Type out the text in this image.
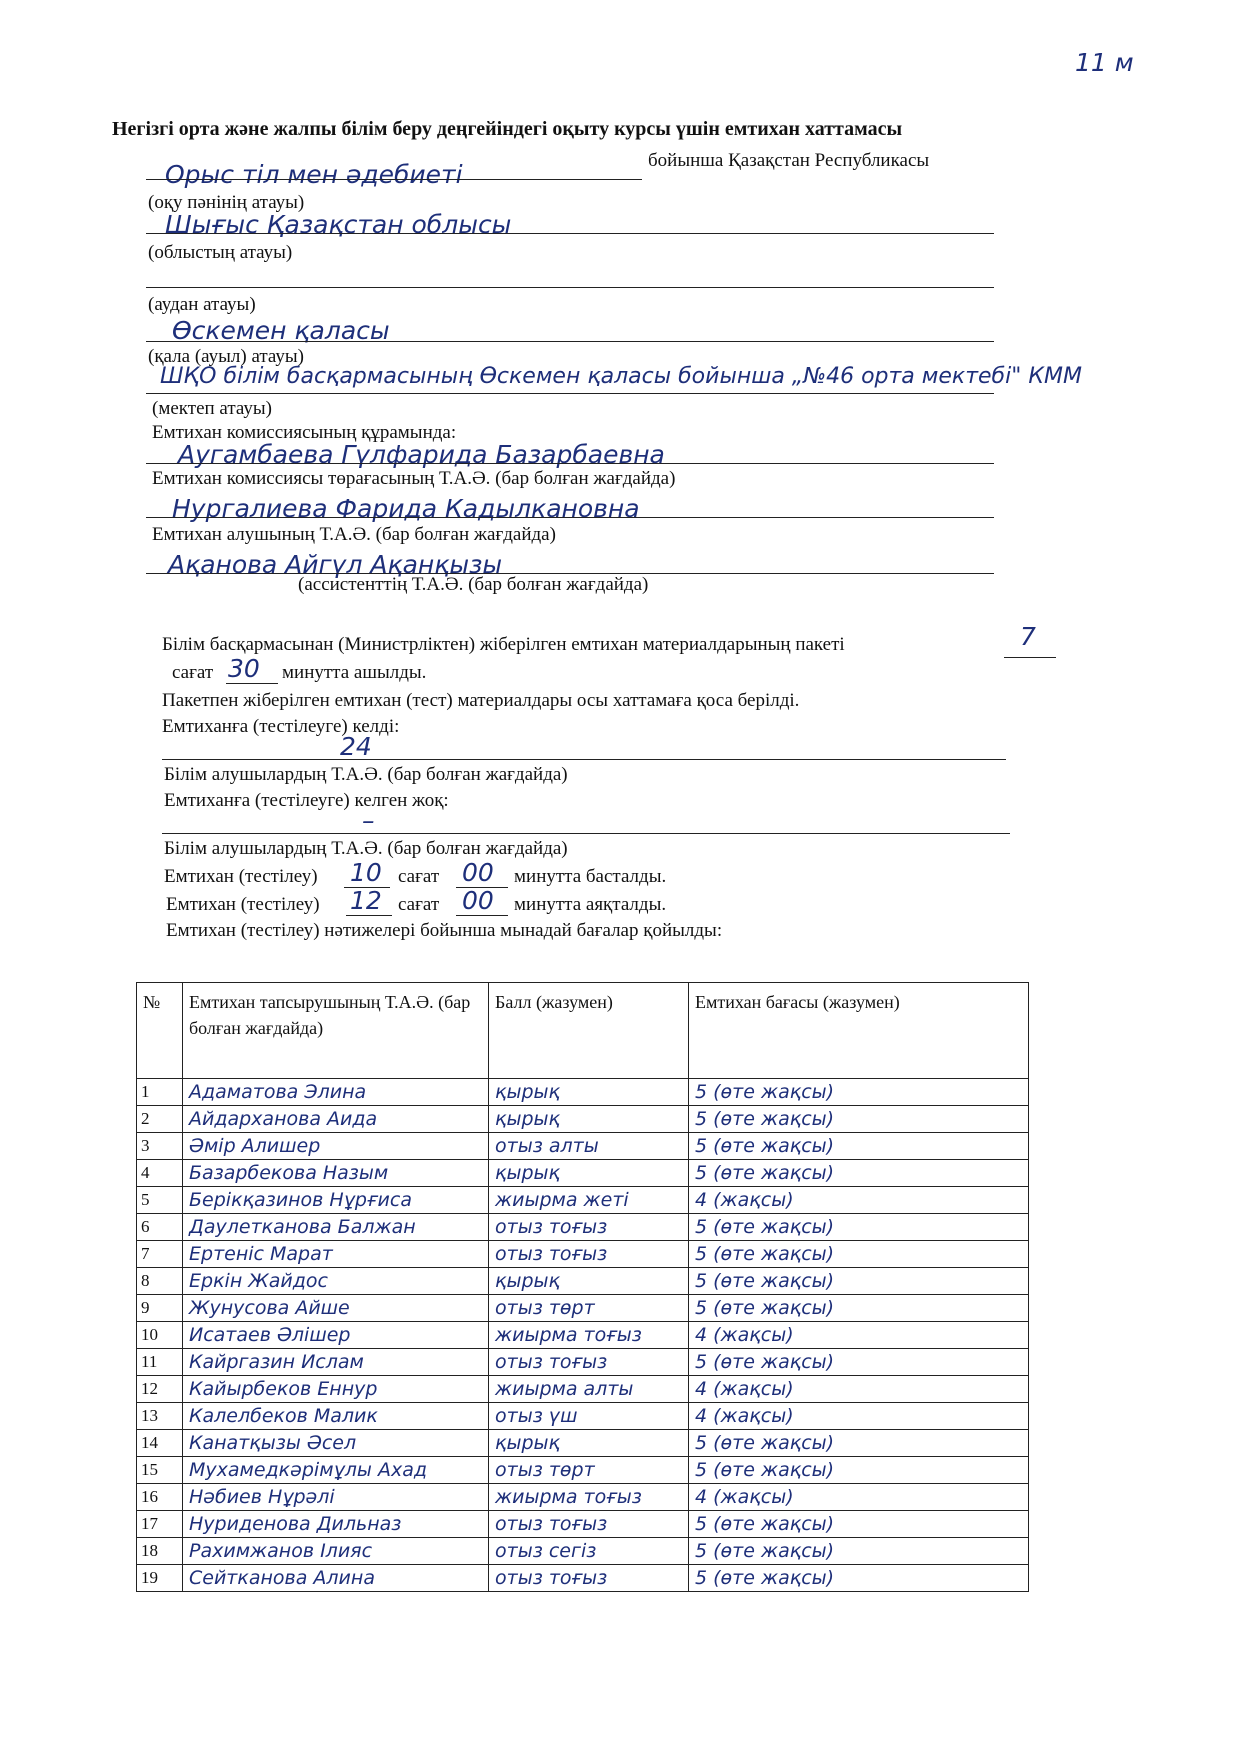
11 м
Негізгі орта және жалпы білім беру деңгейіндегі оқыту курсы үшін емтихан хаттамасы
Орыс тіл мен әдебиеті	бойынша Қазақстан Республикасы
(оқу пәнінің атауы)
Шығыс Қазақстан облысы
(облыстың атауы)
(аудан атауы)
Өскемен қаласы
(қала (ауыл) атауы)
ШҚО білім басқармасының Өскемен қаласы бойынша „№46 орта мектебі" КММ
(мектеп атауы)
Емтихан комиссиясының құрамында:
Аугамбаева Гүлфарида Базарбаевна
Емтихан комиссиясы төрағасының Т.А.Ә. (бар болған жағдайда)
Нургалиева Фарида Кадылкановна
Емтихан алушының Т.А.Ә. (бар болған жағдайда)
Ақанова Айгүл Ақанқызы
(ассистенттің Т.А.Ә. (бар болған жағдайда)
Білім басқармасынан (Министрліктен) жіберілген емтихан материалдарының пакеті	7
сағат 30 минутта ашылды.
Пакетпен жіберілген емтихан (тест) материалдары осы хаттамаға қоса берілді.
Емтиханға (тестілеуге) келді:
24
Білім алушылардың Т.А.Ә. (бар болған жағдайда)
Емтиханға (тестілеуге) келген жоқ:
–
Білім алушылардың Т.А.Ә. (бар болған жағдайда)
Емтихан (тестілеу) 10 сағат 00 минутта басталды.
Емтихан (тестілеу) 12 сағат 00 минутта аяқталды.
Емтихан (тестілеу) нәтижелері бойынша мынадай бағалар қойылды:
№	Емтихан тапсырушының Т.А.Ә. (бар болған жағдайда)	Балл (жазумен)	Емтихан бағасы (жазумен)
1	Адаматова Элина	қырық	5 (өте жақсы)
2	Айдарханова Аида	қырық	5 (өте жақсы)
3	Әмір Алишер	отыз алты	5 (өте жақсы)
4	Базарбекова Назым	қырық	5 (өте жақсы)
5	Берікқазинов Нұрғиса	жиырма жеті	4 (жақсы)
6	Даулетканова Балжан	отыз тоғыз	5 (өте жақсы)
7	Ертеніс Марат	отыз тоғыз	5 (өте жақсы)
8	Еркін Жайдос	қырық	5 (өте жақсы)
9	Жунусова Айше	отыз төрт	5 (өте жақсы)
10	Исатаев Әлішер	жиырма тоғыз	4 (жақсы)
11	Кайргазин Ислам	отыз тоғыз	5 (өте жақсы)
12	Кайырбеков Еннур	жиырма алты	4 (жақсы)
13	Калелбеков Малик	отыз үш	4 (жақсы)
14	Канатқызы Әсел	қырық	5 (өте жақсы)
15	Мухамедкәрімұлы Ахад	отыз төрт	5 (өте жақсы)
16	Нәбиев Нұрәлі	жиырма тоғыз	4 (жақсы)
17	Нуриденова Дильназ	отыз тоғыз	5 (өте жақсы)
18	Рахимжанов Ілияс	отыз сегіз	5 (өте жақсы)
19	Сейтканова Алина	отыз тоғыз	5 (өте жақсы)
